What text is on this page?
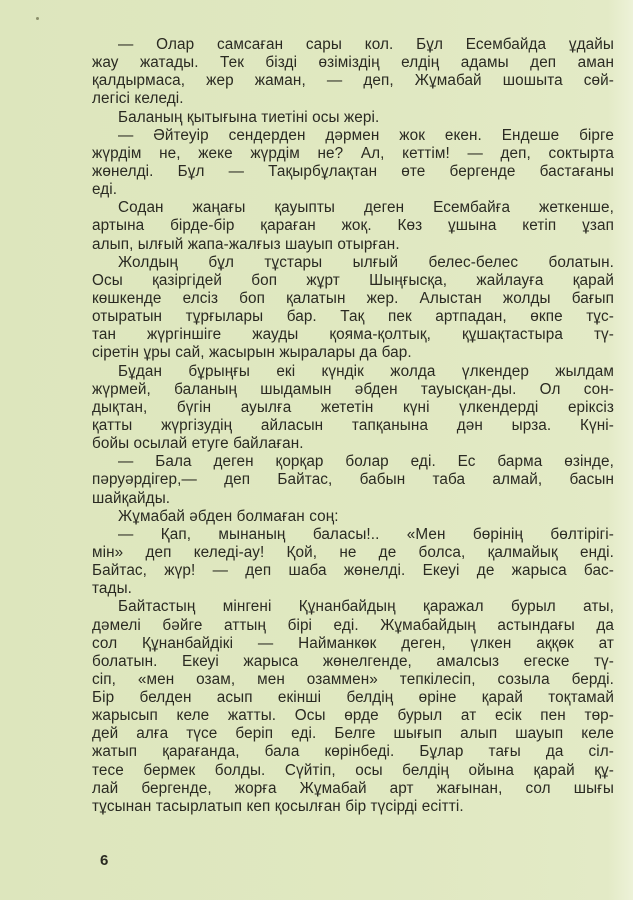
— Олар самсаған сары кол. Бұл Есембайда ұдайы
жау жатады. Тек бізді өзіміздің елдің адамы деп аман
қалдырмаса, жер жаман, — деп, Жұмабай шошыта сөй-
легісі келеді.
Баланың қытығына тиетіні осы жері.
— Әйтеуір сендерден дәрмен жок екен. Ендеше бірге
жүрдім не, жеке жүрдім не? Ал, кеттім! — деп, соктырта
жөнелді. Бұл — Тақырбұлақтан өте бергенде бастағаны
еді.
Содан жаңағы қауыпты деген Есембайға жеткенше,
артына бірде-бір қараған жоқ. Көз ұшына кетіп ұзап
алып, ылғый жапа-жалғыз шауып отырған.
Жолдың бұл тұстары ылғый белес-белес болатын.
Осы қазіргідей боп жұрт Шыңғысқа, жайлауға қарай
көшкенде елсіз боп қалатын жер. Алыстан жолды бағып
отыратын тұрғылары бар. Тақ пек артпадан, өкпе тұс-
тан жүргіншіге жауды қояма-қолтық, құшақтастыра тү-
сіретін ұры сай, жасырын жыралары да бар.
Бұдан бұрыңғы екі күндік жолда үлкендер жылдам
жүрмей, баланың шыдамын әбден тауысқан-ды. Ол сон-
дықтан, бүгін ауылға жететін күні үлкендерді еріксіз
қатты жүргізудің айласын тапқанына дән ырза. Күні-
бойы осылай етуге байлаған.
— Бала деген қорқар болар еді. Ес барма өзінде,
пәруәрдігер,— деп Байтас, бабын таба алмай, басын
шайқайды.
Жұмабай әбден болмаған соң:
— Қап, мынаның баласы!.. «Мен бөрінің бөлтірігі-
мін» деп келеді-ау! Қой, не де болса, қалмайық енді.
Байтас, жүр! — деп шаба жөнелді. Екеуі де жарыса бас-
тады.
Байтастың мінгені Құнанбайдың қаражал бурыл аты,
дәмелі бәйге аттың бірі еді. Жұмабайдың астындағы да
сол Құнанбайдікі — Найманкөк деген, үлкен аққөк ат
болатын. Екеуі жарыса жөнелгенде, амалсыз егеске тү-
сіп, «мен озам, мен озаммен» тепкілесіп, созыла берді.
Бір белден асып екінші белдің өріне қарай тоқтамай
жарысып келе жатты. Осы өрде бурыл ат есік пен төр-
дей алға түсе беріп еді. Белге шығып алып шауып келе
жатып қарағанда, бала көрінбеді. Бұлар тағы да сіл-
тесе бермек болды. Сүйтіп, осы белдің ойына қарай құ-
лай бергенде, жорға Жұмабай арт жағынан, сол шығы
тұсынан тасырлатып кеп қосылған бір түсірді есітті.
6
